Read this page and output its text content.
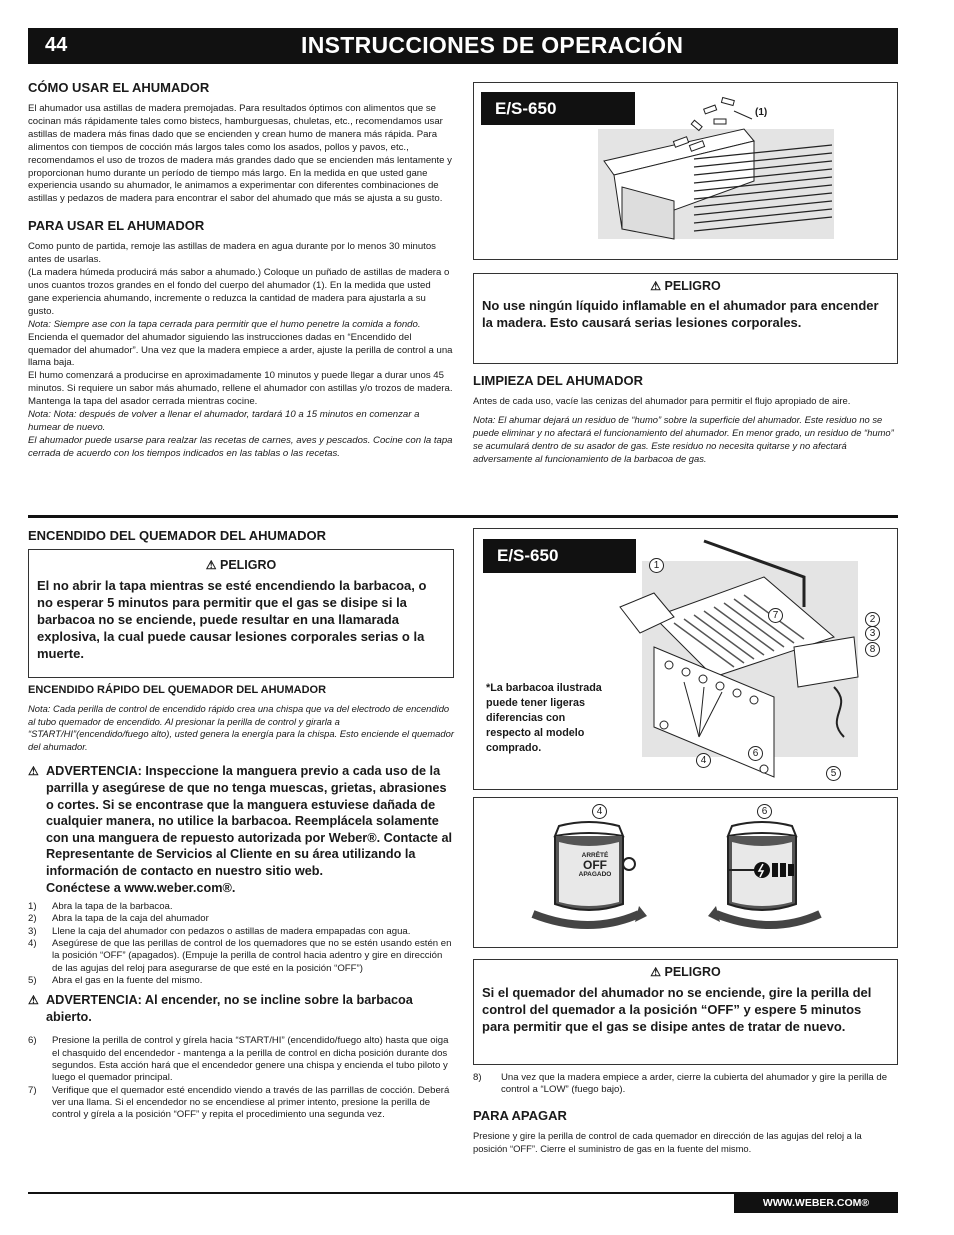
44	INSTRUCCIONES DE OPERACIÓN
CÓMO USAR EL AHUMADOR
El ahumador usa astillas de madera premojadas. Para resultados óptimos con alimentos que se cocinan más rápidamente tales como bistecs, hamburguesas, chuletas, etc., recomendamos usar astillas de madera más finas dado que se encienden y crean humo de manera más rápida. Para alimentos con tiempos de cocción más largos tales como los asados, pollos y pavos, etc., recomendamos el uso de trozos de madera más grandes dado que se encienden más lentamente y proporcionan humo durante un período de tiempo más largo. En la medida en que usted gane experiencia usando su ahumador, le animamos a experimentar con diferentes combinaciones de astillas y pedazos de madera para encontrar el sabor del ahumado que más se ajusta a su gusto.
PARA USAR EL AHUMADOR

Como punto de partida, remoje las astillas de madera en agua durante por lo menos 30 minutos antes de usarlas.

(La madera húmeda producirá más sabor a ahumado.) Coloque un puñado de astillas de madera o unos cuantos trozos grandes en el fondo del cuerpo del ahumador (1). En la medida que usted gane experiencia ahumando, incremente o reduzca la cantidad de madera para ajustarla a su gusto.

Nota: Siempre ase con la tapa cerrada para permitir que el humo penetre la comida a fondo.

Encienda el quemador del ahumador siguiendo las instrucciones dadas en “Encendido del quemador del ahumador”. Una vez que la madera empiece a arder, ajuste la perilla de control a una llama baja.

El humo comenzará a producirse en aproximadamente 10 minutos y puede llegar a durar unos 45 minutos. Si requiere un sabor más ahumado, rellene el ahumador con astillas y/o trozos de madera. Mantenga la tapa del asador cerrada mientras cocine.

Nota: Nota: después de volver a llenar el ahumador, tardará 10 a 15 minutos en comenzar a humear de nuevo.

El ahumador puede usarse para realzar las recetas de carnes, aves y pescados. Cocine con la tapa cerrada de acuerdo con los tiempos indicados en las tablas o las recetas.

E/S-650	(1)
⚠ PELIGRO
No use ningún líquido inflamable en el ahumador para encender la madera. Esto causará serias lesiones corporales.
LIMPIEZA DEL AHUMADOR
Antes de cada uso, vacíe las cenizas del ahumador para permitir el flujo apropiado de aire.
Nota: El ahumar dejará un residuo de “humo” sobre la superficie del ahumador. Este residuo no se puede eliminar y no afectará el funcionamiento del ahumador. En menor grado, un residuo de “humo” se acumulará dentro de su asador de gas. Este residuo no necesita quitarse y no afectará adversamente al funcionamiento de la barbacoa de gas.
ENCENDIDO DEL QUEMADOR DEL AHUMADOR
⚠ PELIGRO
El no abrir la tapa mientras se esté encendiendo la barbacoa, o no esperar 5 minutos para permitir que el gas se disipe si la barbacoa no se enciende, puede resultar en una llamarada explosiva, la cual puede causar lesiones corporales serias o la muerte.
ENCENDIDO RÁPIDO DEL QUEMADOR DEL AHUMADOR
Nota: Cada perilla de control de encendido rápido crea una chispa que va del electrodo de encendido al tubo quemador de encendido. Al presionar la perilla de control y girarla a “START/HI”(encendido/fuego alto), usted genera la energía para la chispa. Esto enciende el quemador del ahumador.
⚠ ADVERTENCIA: Inspeccione la manguera previo a cada uso de la parrilla y asegúrese de que no tenga muescas, grietas, abrasiones o cortes. Si se encontrase que la manguera estuviese dañada de cualquier manera, no utilice la barbacoa. Reemplácela solamente con una manguera de repuesto autorizada por Weber®. Contacte al Representante de Servicios al Cliente en su área utilizando la información de contacto en nuestro sitio web.
Conéctese a www.weber.com®.
1) Abra la tapa de la barbacoa.
2) Abra la tapa de la caja del ahumador
3) Llene la caja del ahumador con pedazos o astillas de madera empapadas con agua.
4) Asegúrese de que las perillas de control de los quemadores que no se estén usando estén en la posición “OFF” (apagados). (Empuje la perilla de control hacia adentro y gire en dirección de las agujas del reloj para asegurarse de que esté en la posición “OFF”)
5) Abra el gas en la fuente del mismo.
⚠ ADVERTENCIA: Al encender, no se incline sobre la barbacoa abierto.
6) Presione la perilla de control y gírela hacia “START/HI” (encendido/fuego alto) hasta que oiga el chasquido del encendedor - mantenga a la perilla de control en dicha posición durante dos segundos. Esta acción hará que el encendedor genere una chispa y encienda el tubo piloto y luego el quemador principal.
7) Verifique que el quemador esté encendido viendo a través de las parrillas de cocción. Deberá ver una llama. Si el encendedor no se encendiese al primer intento, presione la perilla de control y gírela a la posición “OFF” y repita el procedimiento una segunda vez.
E/S-650
*La barbacoa ilustrada puede tener ligeras diferencias con respecto al modelo comprado.
1
7	2
3
8
4
6
5
4	6
ARRÊTÉ
OFF
APAGADO
⚠ PELIGRO
Si el quemador del ahumador no se enciende, gire la perilla del control del quemador a la posición “OFF” y espere 5 minutos para permitir que el gas se disipe antes de tratar de nuevo.
8) Una vez que la madera empiece a arder, cierre la cubierta del ahumador y gire la perilla de control a “LOW” (fuego bajo).
PARA APAGAR
Presione y gire la perilla de control de cada quemador en dirección de las agujas del reloj a la posición “OFF”. Cierre el suministro de gas en la fuente del mismo.
WWW.WEBER.COM®
